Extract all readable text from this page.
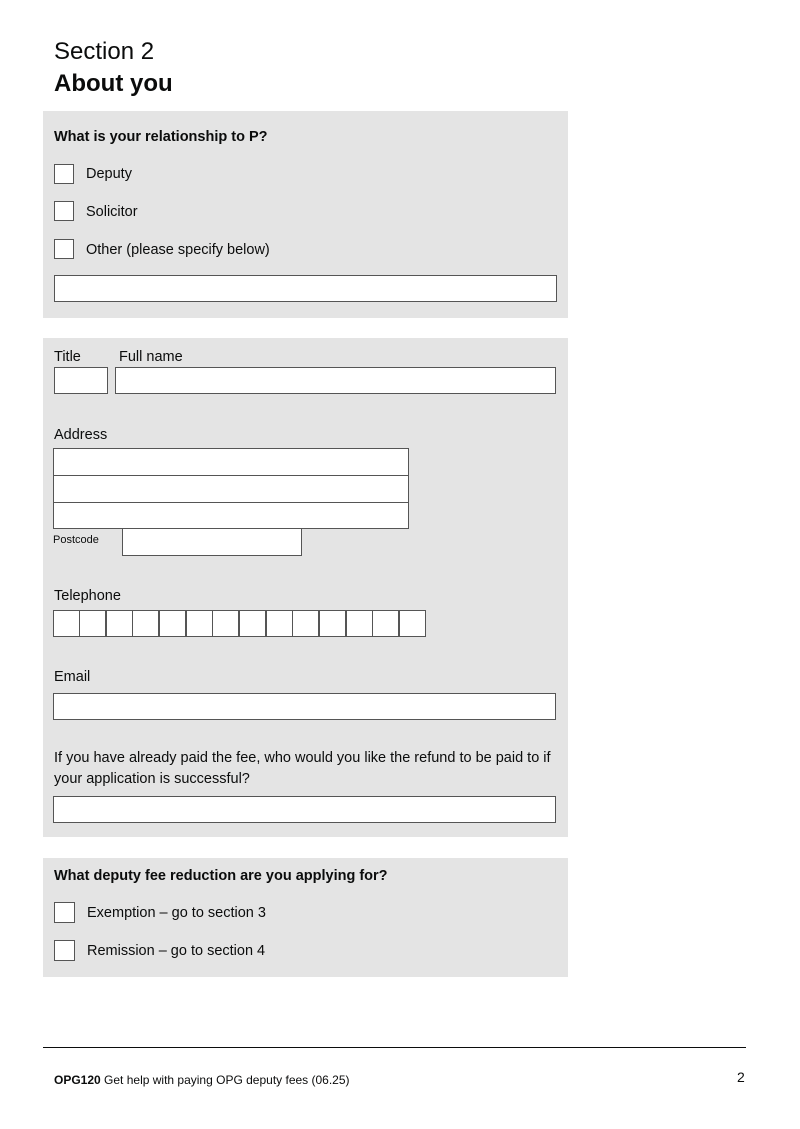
Section 2
About you
What is your relationship to P?
Deputy
Solicitor
Other (please specify below)
Title	Full name
Address
Postcode
Telephone
Email
If you have already paid the fee, who would you like the refund to be paid to if your application is successful?
What deputy fee reduction are you applying for?
Exemption – go to section 3
Remission – go to section 4
OPG120 Get help with paying OPG deputy fees (06.25)	2
